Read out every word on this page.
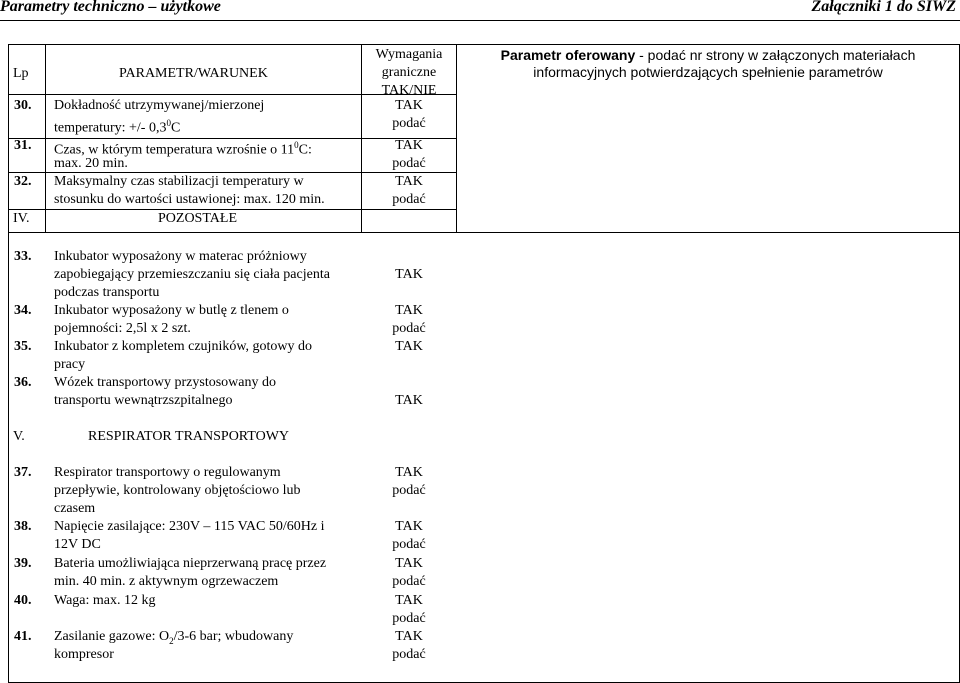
Parametry techniczno – użytkowe	Załączniki 1 do SIWZ
Lp	PARAMETR/WARUNEK
Wymagania
graniczne
TAK/NIE
Parametr oferowany - podać nr strony w załączonych materiałach
informacyjnych potwierdzających spełnienie parametrów
30. Dokładność utrzymywanej/mierzonej
temperatury: +/- $0,3^0C$
TAK
podać
31. Czas, w którym temperatura wzrośnie o $11^0C$:
max. 20 min.
TAK
podać
32. Maksymalny czas stabilizacji temperatury w
stosunku do wartości ustawionej: max. 120 min.
TAK
podać
IV.	POZOSTAŁE
33. Inkubator wyposażony w materac próżniowy
zapobiegający przemieszczaniu się ciała pacjenta
podczas transportu
TAK
34. Inkubator wyposażony w butlę z tlenem o
pojemności: 2,5l x 2 szt.
TAK
podać
35. Inkubator z kompletem czujników, gotowy do
pracy
TAK
36. Wózek transportowy przystosowany do
transportu wewnątrzszpitalnego	TAK
V.	RESPIRATOR TRANSPORTOWY
37. Respirator transportowy o regulowanym
przepływie, kontrolowany objętościowo lub
czasem
TAK
podać
38. Napięcie zasilające: 230V – 115 VAC 50/60Hz i
12V DC
TAK
podać
39. Bateria umożliwiająca nieprzerwaną pracę przez
min. 40 min. z aktywnym ogrzewaczem
TAK
podać
40. Waga: max. 12 kg	TAK
podać
41. Zasilanie gazowe: $O_2/3-6$ bar; wbudowany
kompresor
TAK
podać
